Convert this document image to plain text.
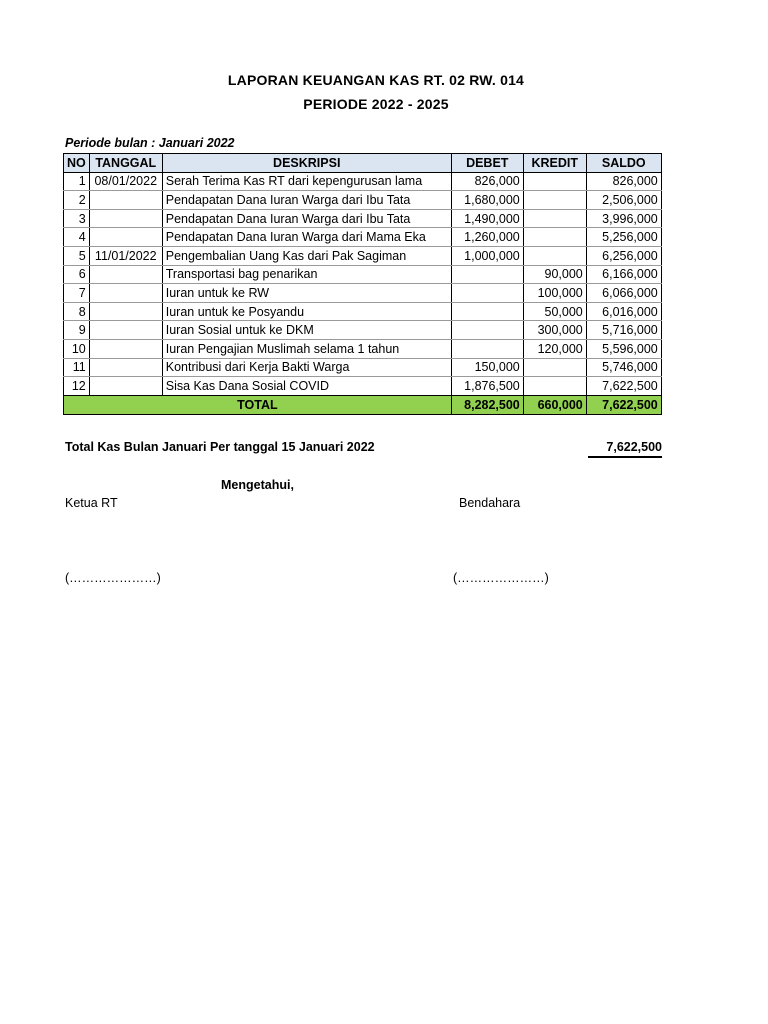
LAPORAN KEUANGAN KAS RT. 02 RW. 014
PERIODE 2022 - 2025
Periode bulan : Januari 2022
NO	TANGGAL	DESKRIPSI	DEBET	KREDIT	SALDO
1	08/01/2022	Serah Terima Kas RT dari kepengurusan lama	826,000		826,000
2		Pendapatan Dana Iuran Warga dari Ibu Tata	1,680,000		2,506,000
3		Pendapatan Dana Iuran Warga dari Ibu Tata	1,490,000		3,996,000
4		Pendapatan Dana Iuran Warga dari Mama Eka	1,260,000		5,256,000
5	11/01/2022	Pengembalian Uang Kas dari Pak Sagiman	1,000,000		6,256,000
6		Transportasi bag penarikan		90,000	6,166,000
7		Iuran untuk ke RW		100,000	6,066,000
8		Iuran untuk ke Posyandu		50,000	6,016,000
9		Iuran Sosial untuk ke DKM		300,000	5,716,000
10		Iuran Pengajian Muslimah selama 1 tahun		120,000	5,596,000
11		Kontribusi dari Kerja Bakti Warga	150,000		5,746,000
12		Sisa Kas Dana Sosial COVID	1,876,500		7,622,500
TOTAL			8,282,500	660,000	7,622,500
Total Kas Bulan Januari Per tanggal 15 Januari 2022	7,622,500
Mengetahui,
Ketua RT	Bendahara
(…………………)	(…………………)
